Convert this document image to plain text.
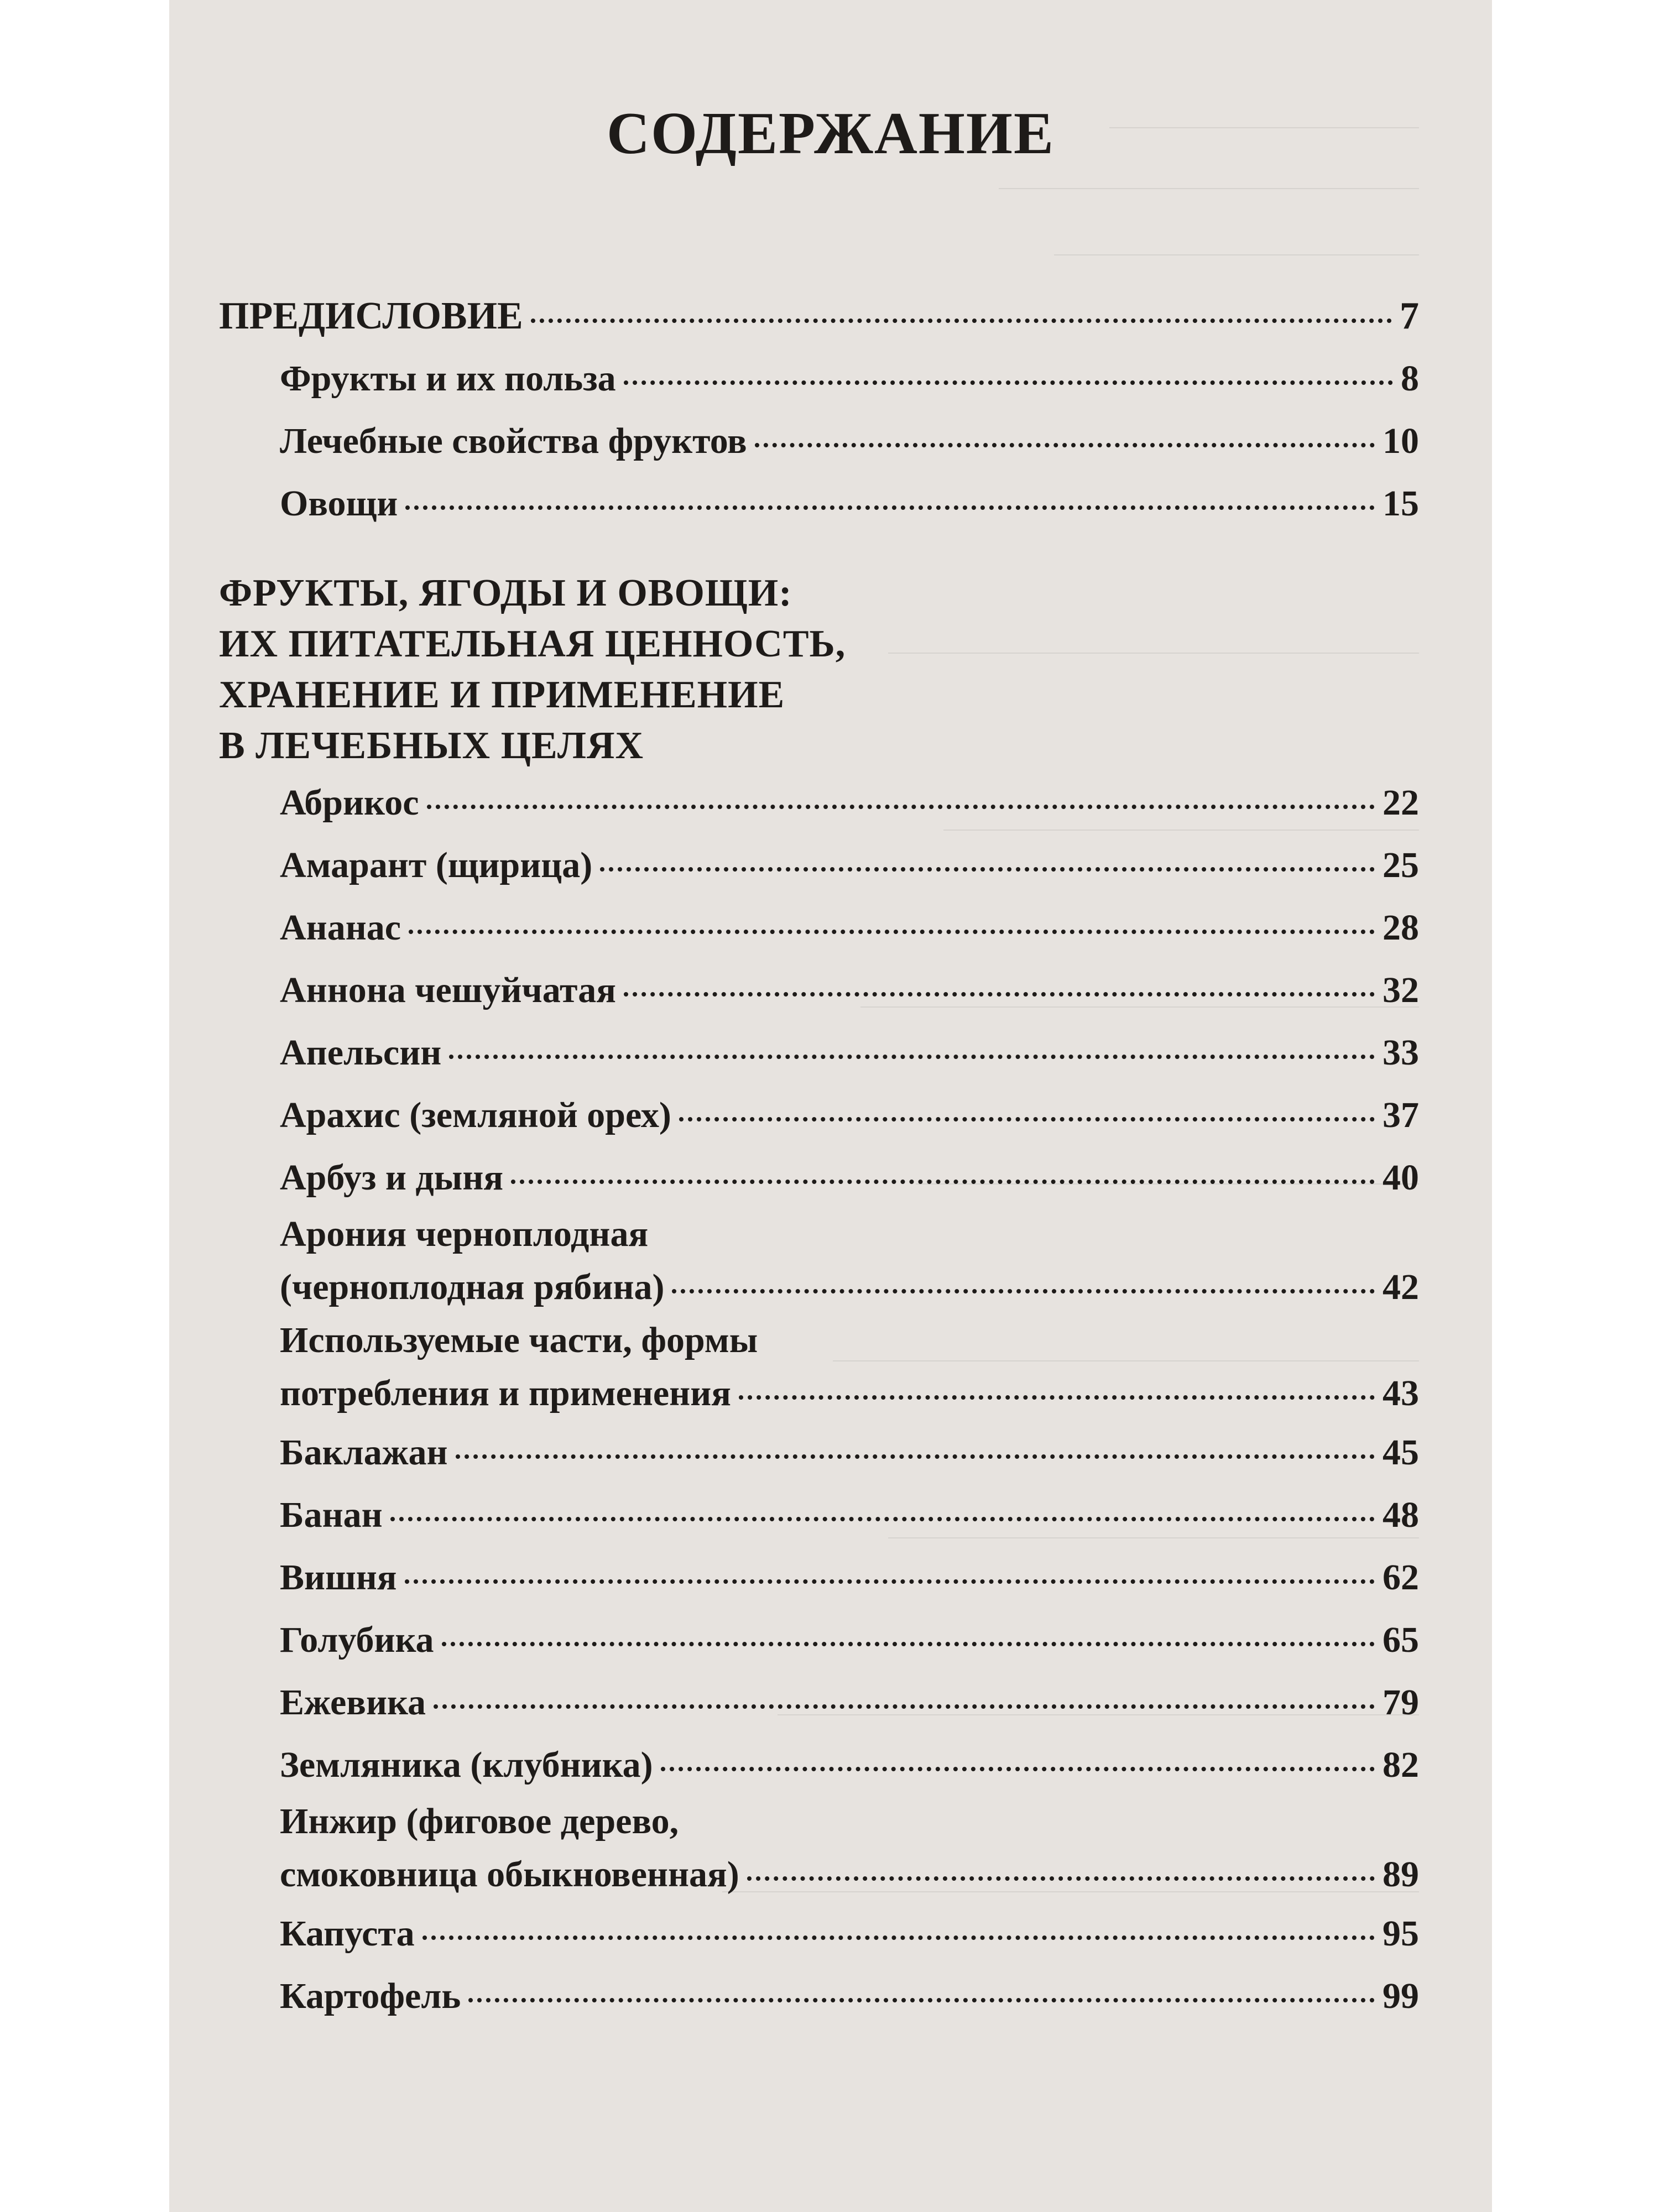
СОДЕРЖАНИЕ
ПРЕДИСЛОВИЕ	7
Фрукты и их польза	8
Лечебные свойства фруктов	10
Овощи	15
ФРУКТЫ, ЯГОДЫ И ОВОЩИ:
ИХ ПИТАТЕЛЬНАЯ ЦЕННОСТЬ,
ХРАНЕНИЕ И ПРИМЕНЕНИЕ
В ЛЕЧЕБНЫХ ЦЕЛЯХ
Абрикос	22
Амарант (щирица)	25
Ананас	28
Аннона чешуйчатая	32
Апельсин	33
Арахис (земляной орех)	37
Арбуз и дыня	40
Арония черноплодная
(черноплодная рябина)	42
Используемые части, формы
потребления и применения	43
Баклажан	45
Банан	48
Вишня	62
Голубика	65
Ежевика	79
Земляника (клубника)	82
Инжир (фиговое дерево,
смоковница обыкновенная)	89
Капуста	95
Картофель	99
